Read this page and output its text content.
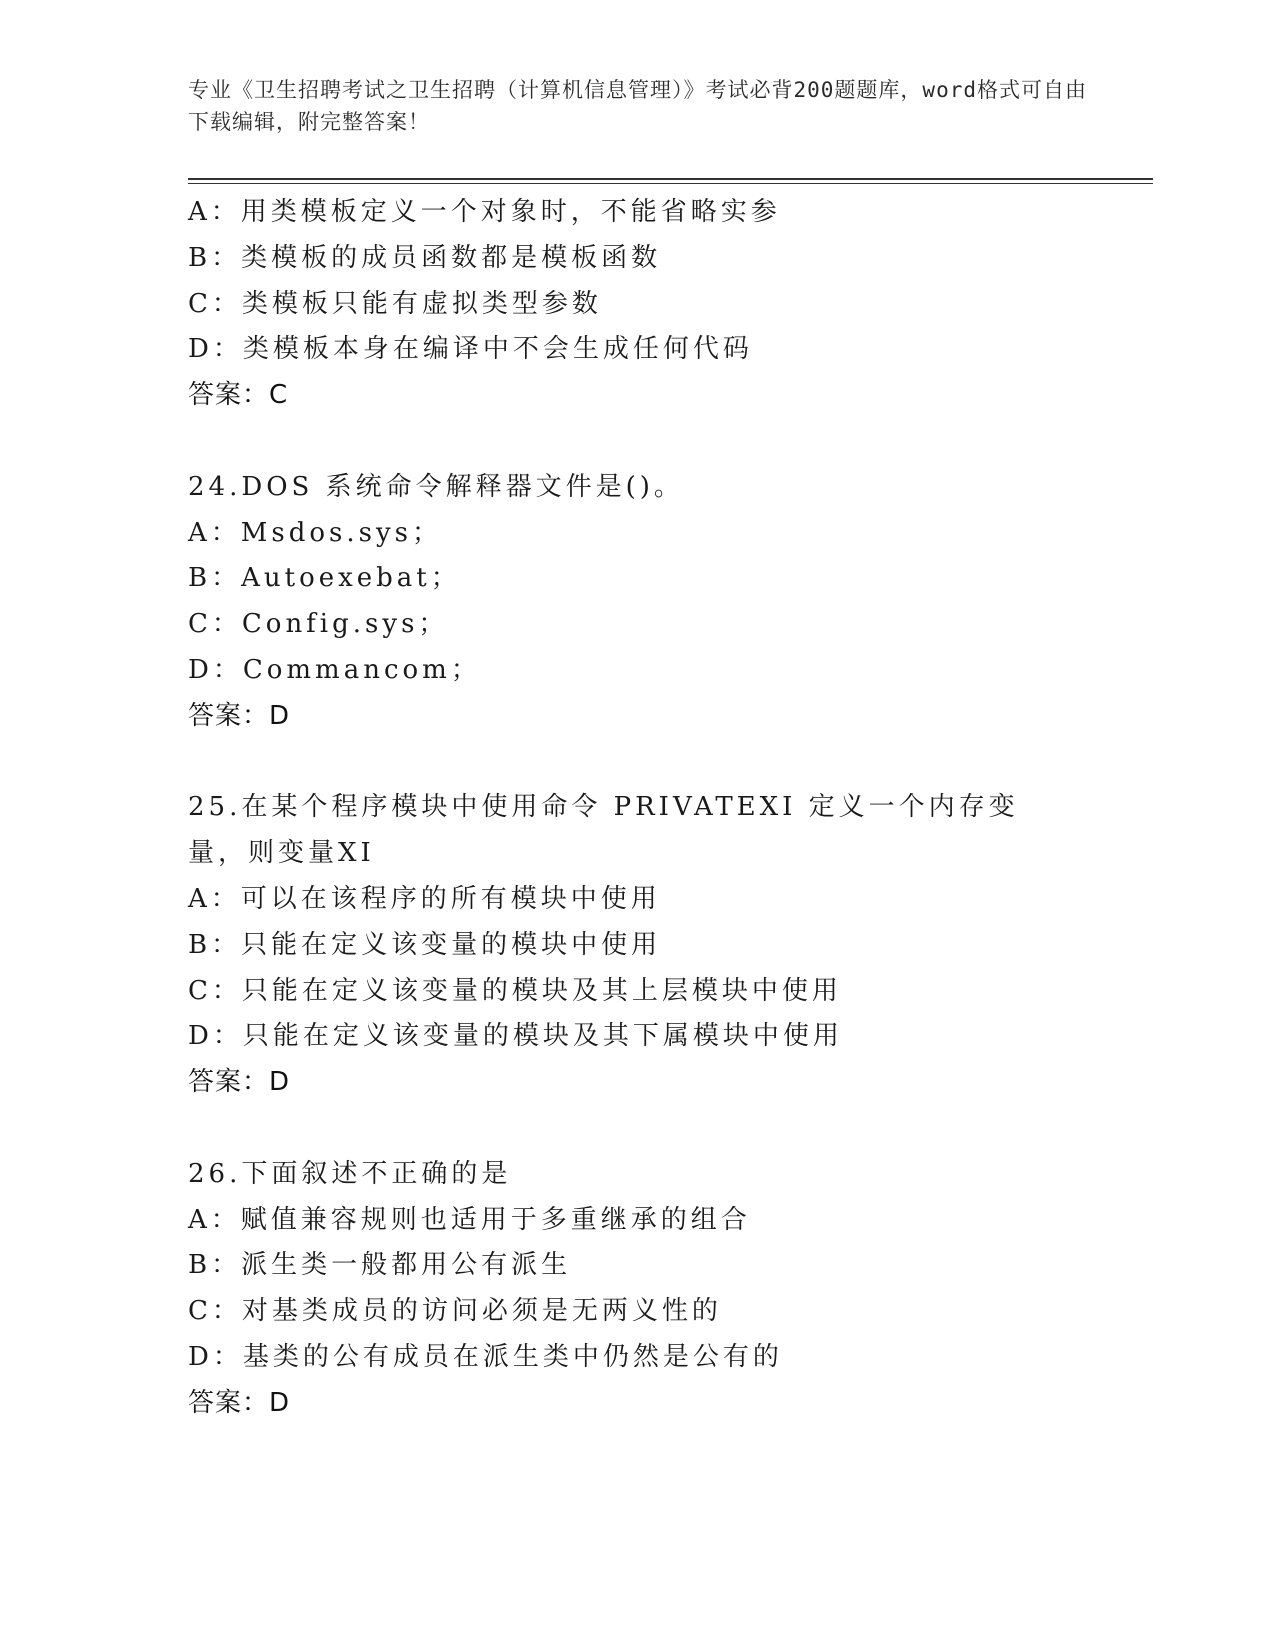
专业《卫生招聘考试之卫生招聘（计算机信息管理）》考试必背200题题库，word格式可自由下载编辑，附完整答案！
A：用类模板定义一个对象时，不能省略实参
B：类模板的成员函数都是模板函数
C：类模板只能有虚拟类型参数
D：类模板本身在编译中不会生成任何代码
答案：C
24.DOS 系统命令解释器文件是()。
A：Msdos.sys；
B：Autoexebat；
C：Config.sys；
D：Commancom；
答案：D
25.在某个程序模块中使用命令 PRIVATEXI 定义一个内存变量，则变量XI
A：可以在该程序的所有模块中使用
B：只能在定义该变量的模块中使用
C：只能在定义该变量的模块及其上层模块中使用
D：只能在定义该变量的模块及其下属模块中使用
答案：D
26.下面叙述不正确的是
A：赋值兼容规则也适用于多重继承的组合
B：派生类一般都用公有派生
C：对基类成员的访问必须是无两义性的
D：基类的公有成员在派生类中仍然是公有的
答案：D
